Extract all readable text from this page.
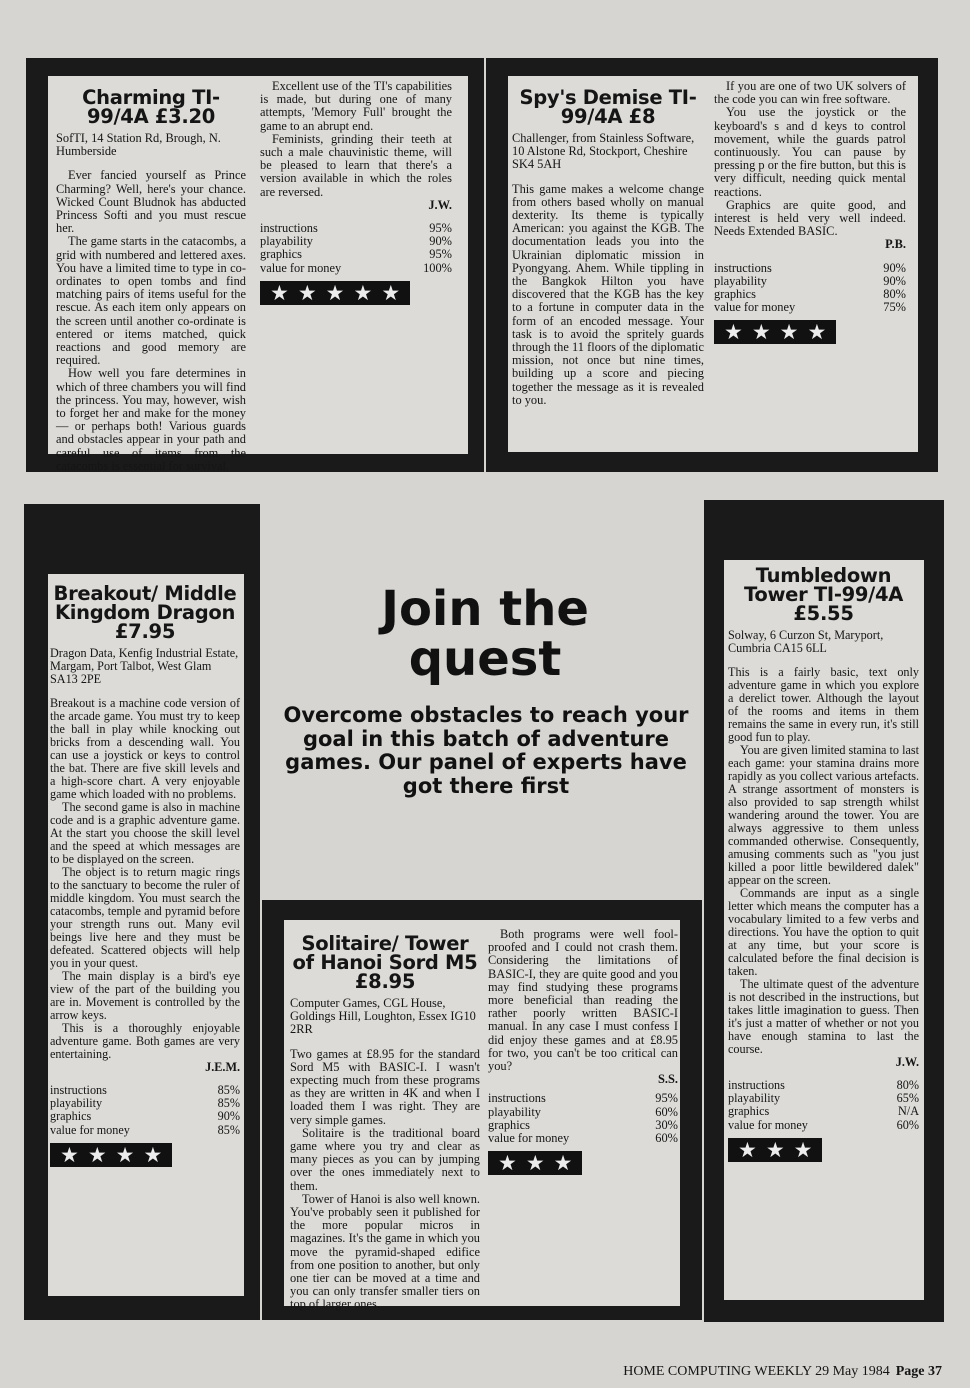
Charming TI-99/4A £3.20

SofTI, 14 Station Rd, Brough, N. Humberside

Ever fancied yourself as Prince Charming? Well, here's your chance. Wicked Count Bludnok has abducted Princess Softi and you must rescue her.

The game starts in the catacombs, a grid with numbered and lettered axes. You have a limited time to type in co-ordinates to open tombs and find matching pairs of items useful for the rescue. As each item only appears on the screen until another co-ordinate is entered or items matched, quick reactions and good memory are required.

How well you fare determines in which of three chambers you will find the princess. You may, however, wish to forget her and make for the money — or perhaps both! Various guards and obstacles appear in your path and careful use of items from the catacombs is essential for survival.

Excellent use of the TI's capabilities is made, but during one of many attempts, 'Memory Full' brought the game to an abrupt end.

Feminists, grinding their teeth at such a male chauvinistic theme, will be pleased to learn that there's a version available in which the roles are reversed.

J.W.

instructions	95%
playability	90%
graphics	95%
value for money	100%
★ ★ ★ ★ ★

Spy's Demise TI-99/4A £8

Challenger, from Stainless Software, 10 Alstone Rd, Stockport, Cheshire SK4 5AH

This game makes a welcome change from others based wholly on manual dexterity. Its theme is typically American: you against the KGB. The documentation leads you into the Ukrainian diplomatic mission in Pyongyang. Ahem. While tippling in the Bangkok Hilton you have discovered that the KGB has the key to a fortune in computer data in the form of an encoded message. Your task is to avoid the spritely guards through the 11 floors of the diplomatic mission, not once but nine times, building up a score and piecing together the message as it is revealed to you.

If you are one of two UK solvers of the code you can win free software.

You use the joystick or the keyboard's s and d keys to control movement, while the guards patrol continuously. You can pause by pressing p or the fire button, but this is very difficult, needing quick mental reactions.

Graphics are quite good, and interest is held very well indeed. Needs Extended BASIC.

P.B.

instructions	90%
playability	90%
graphics	80%
value for money	75%
★ ★ ★ ★

Breakout/ Middle Kingdom Dragon £7.95

Dragon Data, Kenfig Industrial Estate, Margam, Port Talbot, West Glam SA13 2PE

Breakout is a machine code version of the arcade game. You must try to keep the ball in play while knocking out bricks from a descending wall. You can use a joystick or keys to control the bat. There are five skill levels and a high-score chart. A very enjoyable game which loaded with no problems.

The second game is also in machine code and is a graphic adventure game. At the start you choose the skill level and the speed at which messages are to be displayed on the screen.

The object is to return magic rings to the sanctuary to become the ruler of middle kingdom. You must search the catacombs, temple and pyramid before your strength runs out. Many evil beings live here and they must be defeated. Scattered objects will help you in your quest.

The main display is a bird's eye view of the part of the building you are in. Movement is controlled by the arrow keys.

This is a thoroughly enjoyable adventure game. Both games are very entertaining.

J.E.M.

instructions	85%
playability	85%
graphics	90%
value for money	85%
★ ★ ★ ★

Tumbledown Tower TI-99/4A £5.55

Solway, 6 Curzon St, Maryport, Cumbria CA15 6LL

This is a fairly basic, text only adventure game in which you explore a derelict tower. Although the layout of the rooms and items in them remains the same in every run, it's still good fun to play.

You are given limited stamina to last each game: your stamina drains more rapidly as you collect various artefacts. A strange assortment of monsters is also provided to sap strength whilst wandering around the tower. You are always aggressive to them unless commanded otherwise. Consequently, amusing comments such as "you just killed a poor little bewildered dalek" appear on the screen.

Commands are input as a single letter which means the computer has a vocabulary limited to a few verbs and directions. You have the option to quit at any time, but your score is calculated before the final decision is taken.

The ultimate quest of the adventure is not described in the instructions, but takes little imagination to guess. Then it's just a matter of whether or not you have enough stamina to last the course.

J.W.

instructions	80%
playability	65%
graphics	N/A
value for money	60%
★ ★ ★
Join the quest
Overcome obstacles to reach your goal in this batch of adventure games. Our panel of experts have got there first

Solitaire/ Tower of Hanoi Sord M5 £8.95

Computer Games, CGL House, Goldings Hill, Loughton, Essex IG10 2RR

Two games at £8.95 for the standard Sord M5 with BASIC-I. I wasn't expecting much from these programs as they are written in 4K and when I loaded them I was right. They are very simple games.

Solitaire is the traditional board game where you try and clear as many pieces as you can by jumping over the ones immediately next to them.

Tower of Hanoi is also well known. You've probably seen it published for the more popular micros in magazines. It's the game in which you move the pyramid-shaped edifice from one position to another, but only one tier can be moved at a time and you can only transfer smaller tiers on top of larger ones.

Both programs were well fool-proofed and I could not crash them. Considering the limitations of BASIC-I, they are quite good and you may find studying these programs more beneficial than reading the rather poorly written BASIC-I manual. In any case I must confess I did enjoy these games and at £8.95 for two, you can't be too critical can you?

S.S.

instructions	95%
playability	60%
graphics	30%
value for money	60%
★ ★ ★
HOME COMPUTING WEEKLY 29 May 1984 Page 37
